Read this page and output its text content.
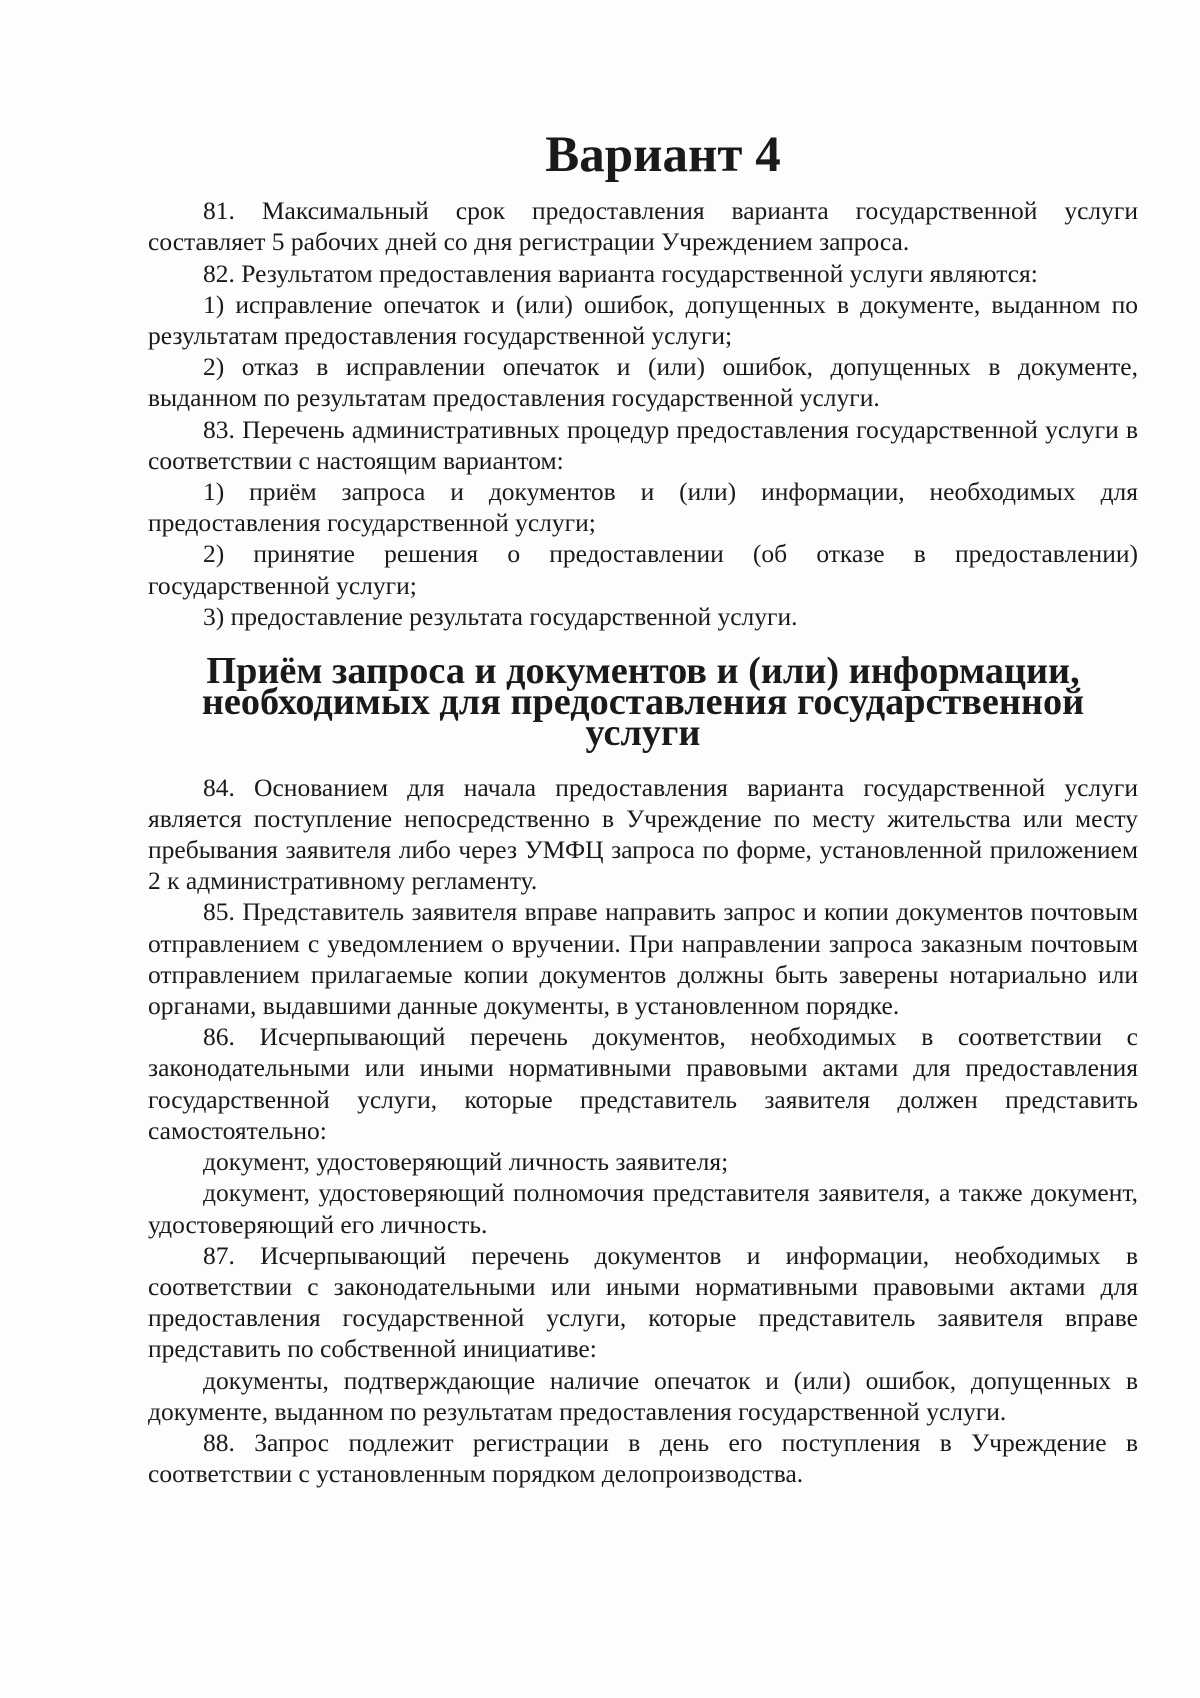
Вариант 4

81. Максимальный срок предоставления варианта государственной услуги составляет 5 рабочих дней со дня регистрации Учреждением запроса.

82. Результатом предоставления варианта государственной услуги являются:

1) исправление опечаток и (или) ошибок, допущенных в документе, выданном по результатам предоставления государственной услуги;

2) отказ в исправлении опечаток и (или) ошибок, допущенных в документе, выданном по результатам предоставления государственной услуги.

83. Перечень административных процедур предоставления государственной услуги в соответствии с настоящим вариантом:

1) приём запроса и документов и (или) информации, необходимых для предоставления государственной услуги;

2) принятие решения о предоставлении (об отказе в предоставлении) государственной услуги;

3) предоставление результата государственной услуги.

Приём запроса и документов и (или) информации,
необходимых для предоставления государственной услуги

84. Основанием для начала предоставления варианта государственной услуги является поступление непосредственно в Учреждение по месту жительства или месту пребывания заявителя либо через УМФЦ запроса по форме, установленной приложением 2 к административному регламенту.

85. Представитель заявителя вправе направить запрос и копии документов почтовым отправлением с уведомлением о вручении. При направлении запроса заказным почтовым отправлением прилагаемые копии документов должны быть заверены нотариально или органами, выдавшими данные документы, в установленном порядке.

86. Исчерпывающий перечень документов, необходимых в соответствии с законодательными или иными нормативными правовыми актами для предоставления государственной услуги, которые представитель заявителя должен представить самостоятельно:

документ, удостоверяющий личность заявителя;

документ, удостоверяющий полномочия представителя заявителя, а также документ, удостоверяющий его личность.

87. Исчерпывающий перечень документов и информации, необходимых в соответствии с законодательными или иными нормативными правовыми актами для предоставления государственной услуги, которые представитель заявителя вправе представить по собственной инициативе:

документы, подтверждающие наличие опечаток и (или) ошибок, допущенных в документе, выданном по результатам предоставления государственной услуги.

88. Запрос подлежит регистрации в день его поступления в Учреждение в соответствии с установленным порядком делопроизводства.
